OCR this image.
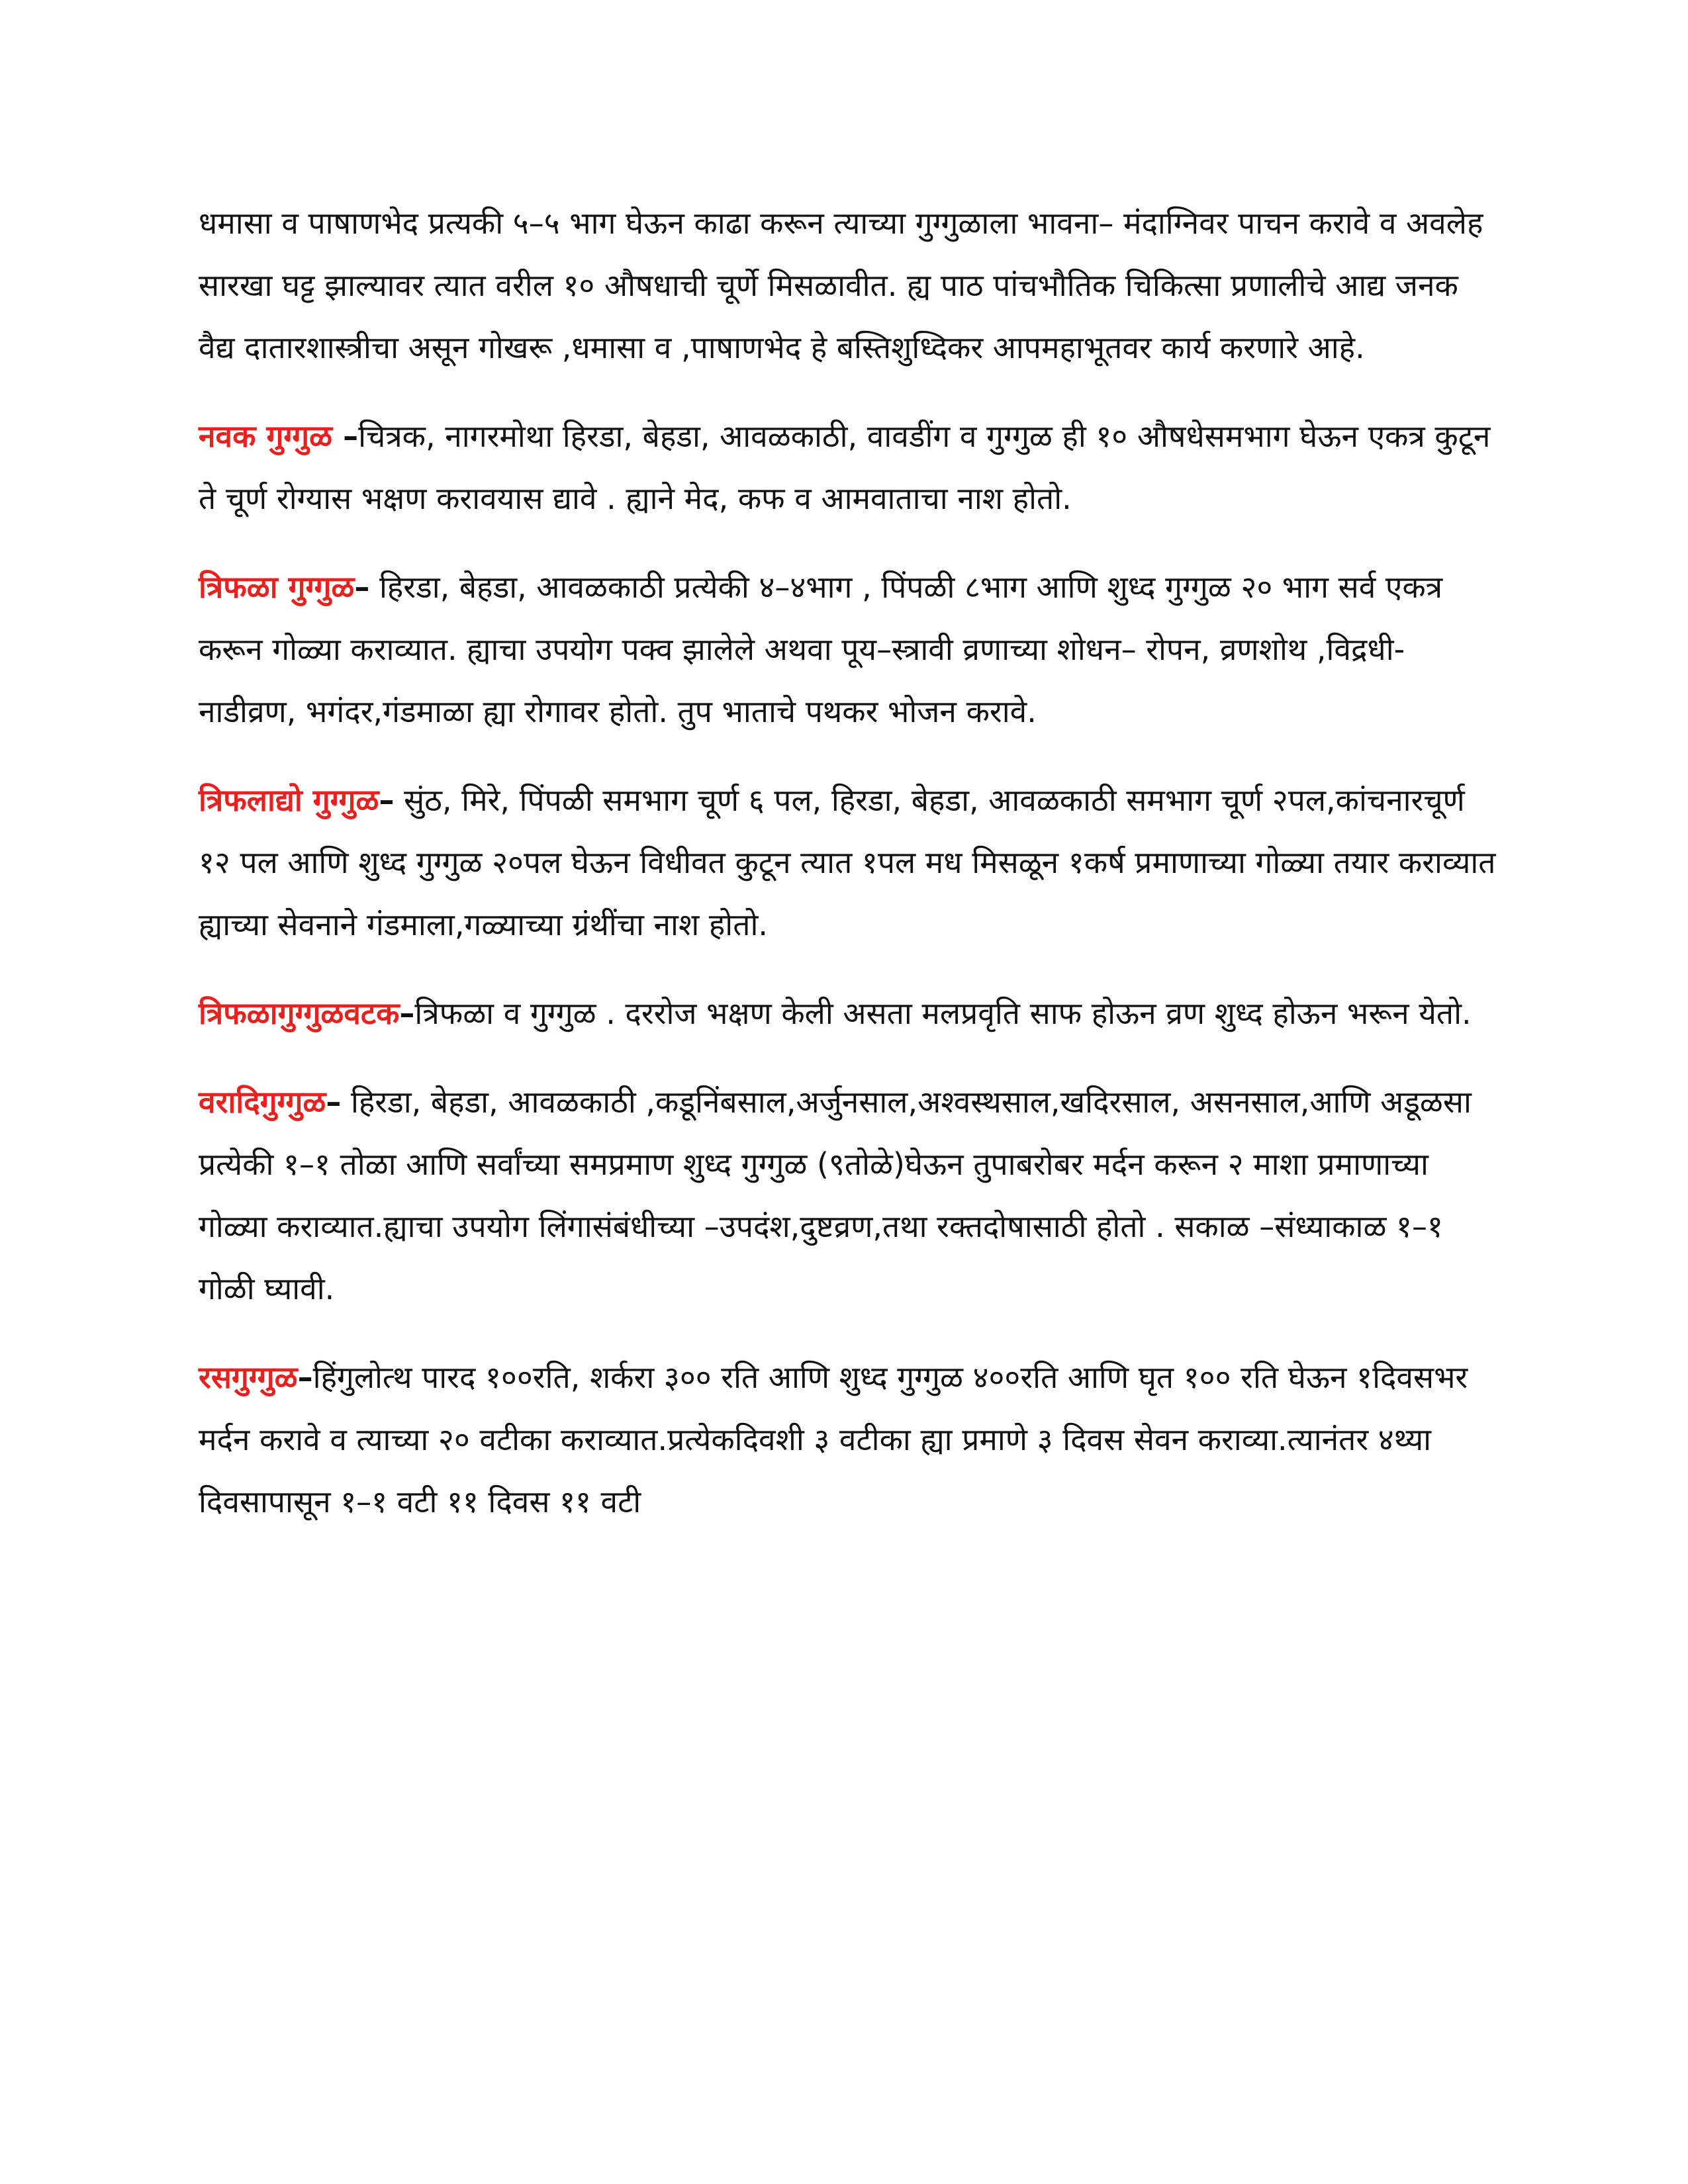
धमासा व पाषाणभेद प्रत्यकी ५–५ भाग घेऊन काढा करून त्याच्या गुग्गुळाला भावना– मंदाग्निवर पाचन करावे व अवलेह सारखा घट्ट झाल्यावर त्यात वरील १० औषधाची चूर्णे मिसळावीत. ह्य पाठ पांचभौतिक चिकित्सा प्रणालीचे आद्य जनक वैद्य दातारशास्त्रीचा असून गोखरू ,धमासा व ,पाषाणभेद हे बस्तिशुध्दिकर आपमहाभूतवर कार्य करणारे आहे.

नवक गुग्गुळ –चित्रक, नागरमोथा हिरडा, बेहडा, आवळकाठी, वावडींग व गुग्गुळ ही १० औषधेसमभाग घेऊन एकत्र कुटून ते चूर्ण रोग्यास भक्षण करावयास द्यावे . ह्याने मेद, कफ व आमवाताचा नाश होतो.

त्रिफळा गुग्गुळ– हिरडा, बेहडा, आवळकाठी प्रत्येकी ४–४भाग , पिंपळी ८भाग आणि शुध्द गुग्गुळ २० भाग सर्व एकत्र करून गोळ्या कराव्यात. ह्याचा उपयोग पक्व झालेले अथवा पूय–स्त्रावी व्रणाच्या शोधन– रोपन, व्रणशोथ ,विद्रधी- नाडीव्रण, भगंदर,गंडमाळा ह्या रोगावर होतो. तुप भाताचे पथकर भोजन करावे.

त्रिफलाद्यो गुग्गुळ– सुंठ, मिरे, पिंपळी समभाग चूर्ण ६ पल, हिरडा, बेहडा, आवळकाठी समभाग चूर्ण २पल,कांचनारचूर्ण १२ पल आणि शुध्द गुग्गुळ २०पल घेऊन विधीवत कुटून त्यात १पल मध मिसळून १कर्ष प्रमाणाच्या गोळ्या तयार कराव्यात ह्याच्या सेवनाने गंडमाला,गळ्याच्या ग्रंथींचा नाश होतो.

त्रिफळागुग्गुळवटक–त्रिफळा व गुग्गुळ . दररोज भक्षण केली असता मलप्रवृति साफ होऊन व्रण शुध्द होऊन भरून येतो.

वरादिगुग्गुळ– हिरडा, बेहडा, आवळकाठी ,कडूनिंबसाल,अर्जुनसाल,अश्वस्थसाल,खदिरसाल, असनसाल,आणि अडूळसा प्रत्येकी १–१ तोळा आणि सर्वांच्या समप्रमाण शुध्द गुग्गुळ (९तोळे)घेऊन तुपाबरोबर मर्दन करून २ माशा प्रमाणाच्या गोळ्या कराव्यात.ह्याचा उपयोग लिंगासंबंधीच्या –उपदंश,दुष्टव्रण,तथा रक्तदोषासाठी होतो . सकाळ –संध्याकाळ १–१ गोळी घ्यावी.

रसगुग्गुळ–हिंगुलोत्थ पारद १००रति, शर्करा ३०० रति आणि शुध्द गुग्गुळ ४००रति आणि घृत १०० रति घेऊन १दिवसभर मर्दन करावे व त्याच्या २० वटीका कराव्यात.प्रत्येकदिवशी ३ वटीका ह्या प्रमाणे ३ दिवस सेवन कराव्या.त्यानंतर ४थ्या दिवसापासून १–१ वटी ११ दिवस ११ वटी
